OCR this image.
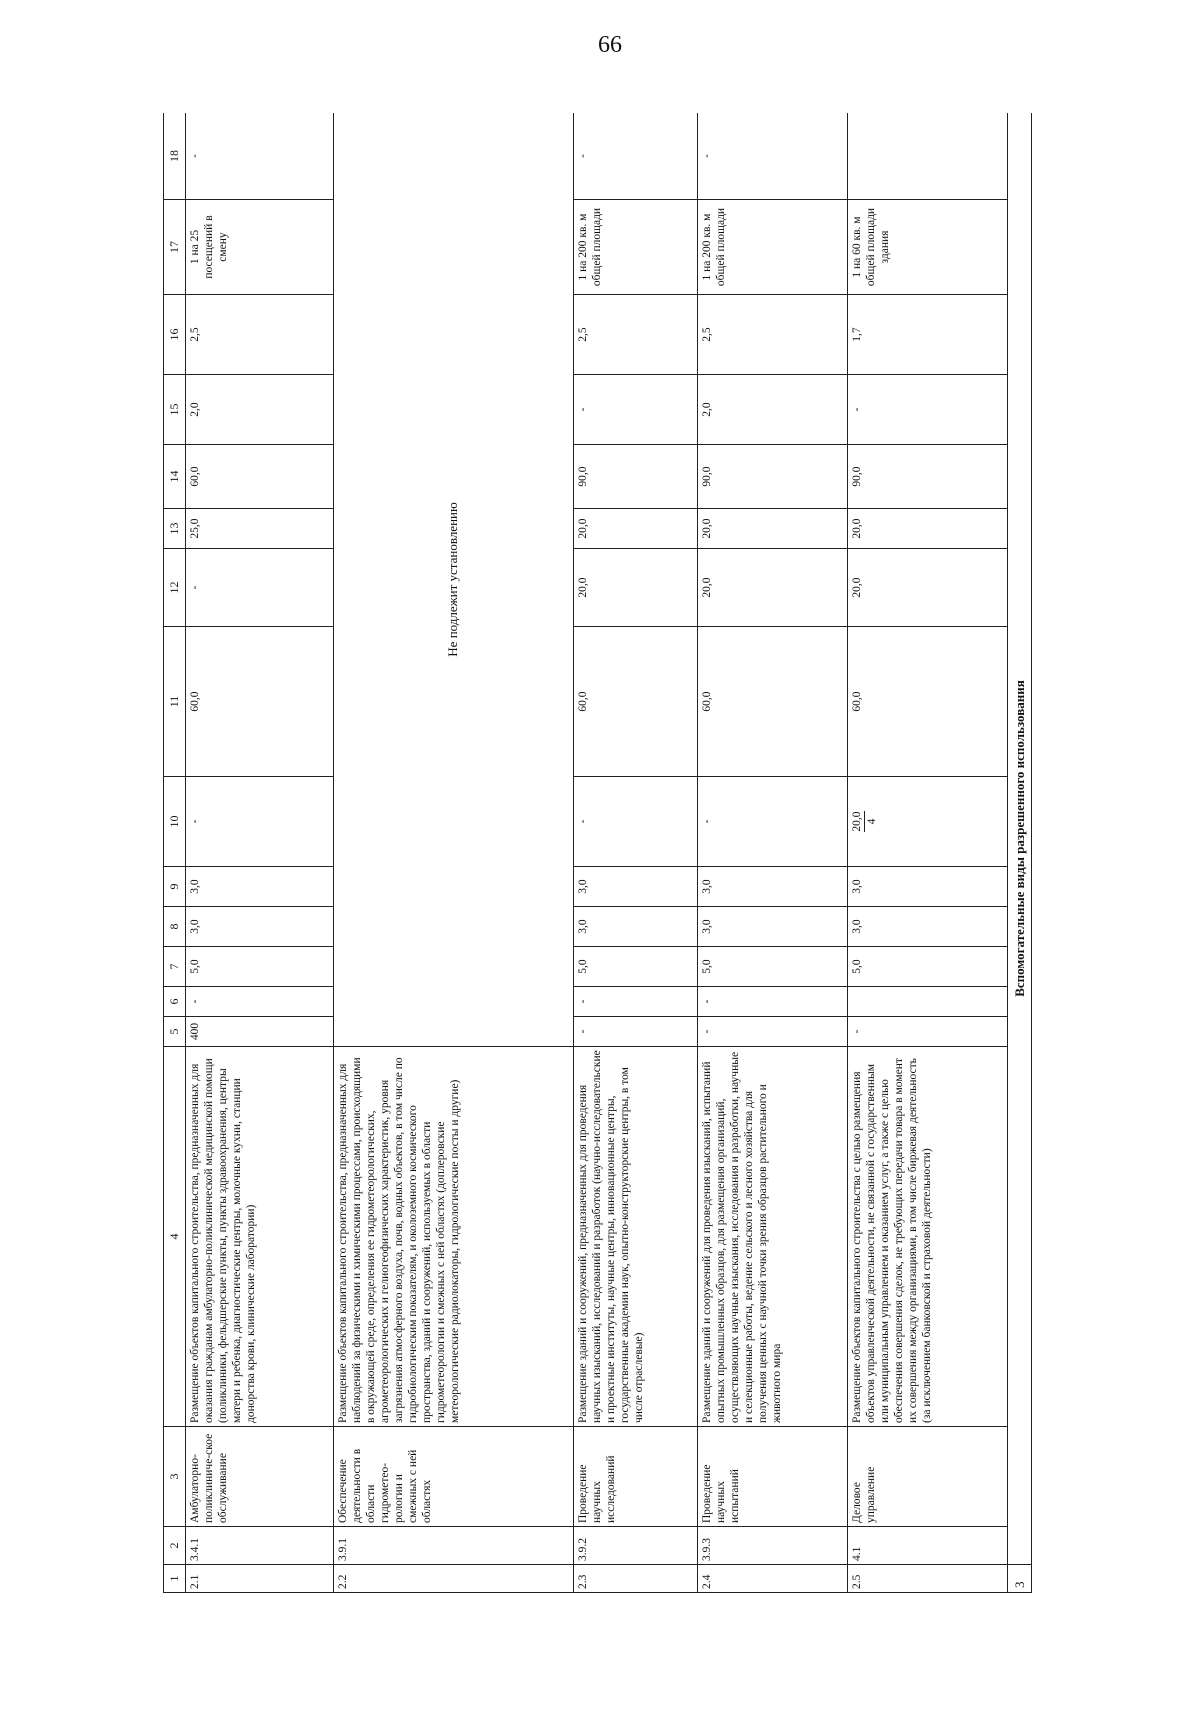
66
1	2	3	4	5	6	7	8	9	10	11	12	13	14	15	16	17	18
2.1	3.4.1	Амбулаторно-поликлиниче-ское обслуживание	Размещение объектов капитального строительства, предназначенных для оказания гражданам амбулаторно-поликлинической медицинской помощи (поликлиники, фельдшерские пункты, пункты здравоохранения, центры матери и ребенка, диагностические центры, молочные кухни, станции донорства крови, клинические лаборатории)	400	-	5,0	3,0	3,0	-	60,0	-	25,0	60,0	2,0	2,5	1 на 25 посещений в смену	-
2.2	3.9.1	Обеспечение деятельности в области гидрометео-рологии и смежных с ней областях	Размещение объектов капитального строительства, предназначенных для наблюдений за физическими и химическими процессами, происходящими в окружающей среде, определения ее гидрометеорологических, агрометеорологических и гелиогеофизических характеристик, уровня загрязнения атмосферного воздуха, почв, водных объектов, в том числе по гидробиологическим показателям, и околоземного космического пространства, зданий и сооружений, используемых в области гидрометеорологии и смежных с ней областях (доплеровские метеорологические радиолокаторы, гидрологические посты и другие)	Не подлежит установлению													
2.3	3.9.2	Проведение научных исследований	Размещение зданий и сооружений, предназначенных для проведения научных изысканий, исследований и разработок (научно-исследовательские и проектные институты, научные центры, инновационные центры, государственные академии наук, опытно-конструкторские центры, в том числе отраслевые)	-	-	5,0	3,0	3,0	-	60,0	20,0	20,0	90,0	-	2,5	1 на 200 кв. м общей площади	-
2.4	3.9.3	Проведение научных испытаний	Размещение зданий и сооружений для проведения изысканий, испытаний опытных промышленных образцов, для размещения организаций, осуществляющих научные изыскания, исследования и разработки, научные и селекционные работы, ведение сельского и лесного хозяйства для получения ценных с научной точки зрения образцов растительного и животного мира	-	-	5,0	3,0	3,0	-	60,0	20,0	20,0	90,0	2,0	2,5	1 на 200 кв. м общей площади	-
2.5	4.1	Деловое управление	Размещение объектов капитального строительства с целью размещения объектов управленческой деятельности, не связанной с государственным или муниципальным управлением и оказанием услуг, а также с целью обеспечения совершения сделок, не требующих передачи товара в момент их совершения между организациями, в том числе биржевая деятельность (за исключением банковской и страховой деятельности)	-		5,0	3,0	3,0	20,0 4	60,0	20,0	20,0	90,0	-	1,7	1 на 60 кв. м общей площади здания	
3	Вспомогательные виды разрешенного использования																
